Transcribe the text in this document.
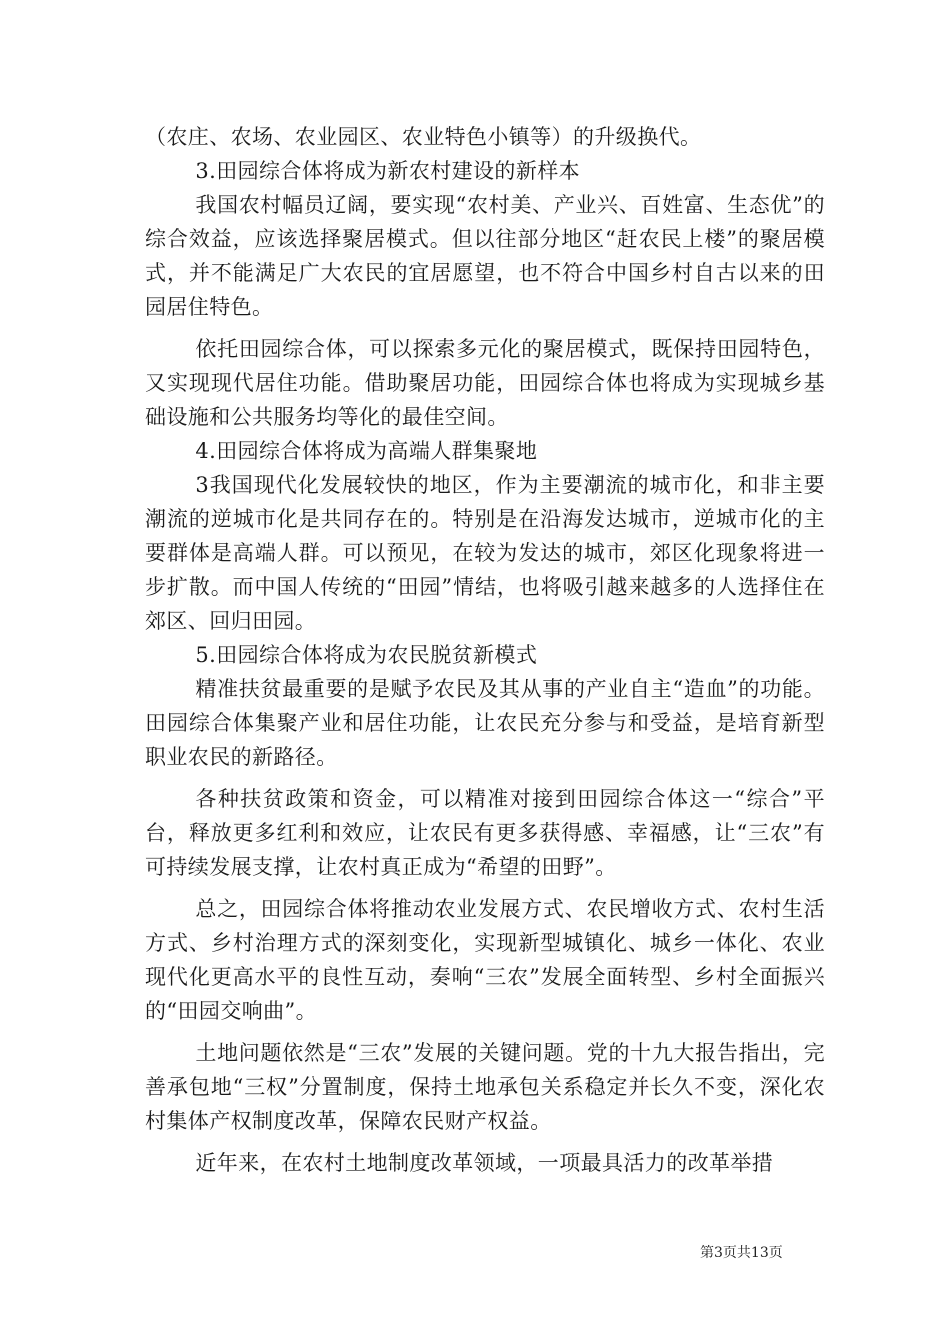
（农庄、农场、农业园区、农业特色小镇等）的升级换代。

3.田园综合体将成为新农村建设的新样本

我国农村幅员辽阔，要实现“农村美、产业兴、百姓富、生态优”的综合效益，应该选择聚居模式。但以往部分地区“赶农民上楼”的聚居模式，并不能满足广大农民的宜居愿望，也不符合中国乡村自古以来的田园居住特色。

依托田园综合体，可以探索多元化的聚居模式，既保持田园特色，又实现现代居住功能。借助聚居功能，田园综合体也将成为实现城乡基础设施和公共服务均等化的最佳空间。

4.田园综合体将成为高端人群集聚地

3我国现代化发展较快的地区，作为主要潮流的城市化，和非主要潮流的逆城市化是共同存在的。特别是在沿海发达城市，逆城市化的主要群体是高端人群。可以预见，在较为发达的城市，郊区化现象将进一步扩散。而中国人传统的“田园”情结，也将吸引越来越多的人选择住在郊区、回归田园。

5.田园综合体将成为农民脱贫新模式

精准扶贫最重要的是赋予农民及其从事的产业自主“造血”的功能。田园综合体集聚产业和居住功能，让农民充分参与和受益，是培育新型职业农民的新路径。

各种扶贫政策和资金，可以精准对接到田园综合体这一“综合”平台，释放更多红利和效应，让农民有更多获得感、幸福感，让“三农”有可持续发展支撑，让农村真正成为“希望的田野”。

总之，田园综合体将推动农业发展方式、农民增收方式、农村生活方式、乡村治理方式的深刻变化，实现新型城镇化、城乡一体化、农业现代化更高水平的良性互动，奏响“三农”发展全面转型、乡村全面振兴的“田园交响曲”。

土地问题依然是“三农”发展的关键问题。党的十九大报告指出，完善承包地“三权”分置制度，保持土地承包关系稳定并长久不变，深化农村集体产权制度改革，保障农民财产权益。

近年来，在农村土地制度改革领域，一项最具活力的改革举措

第3页共13页
